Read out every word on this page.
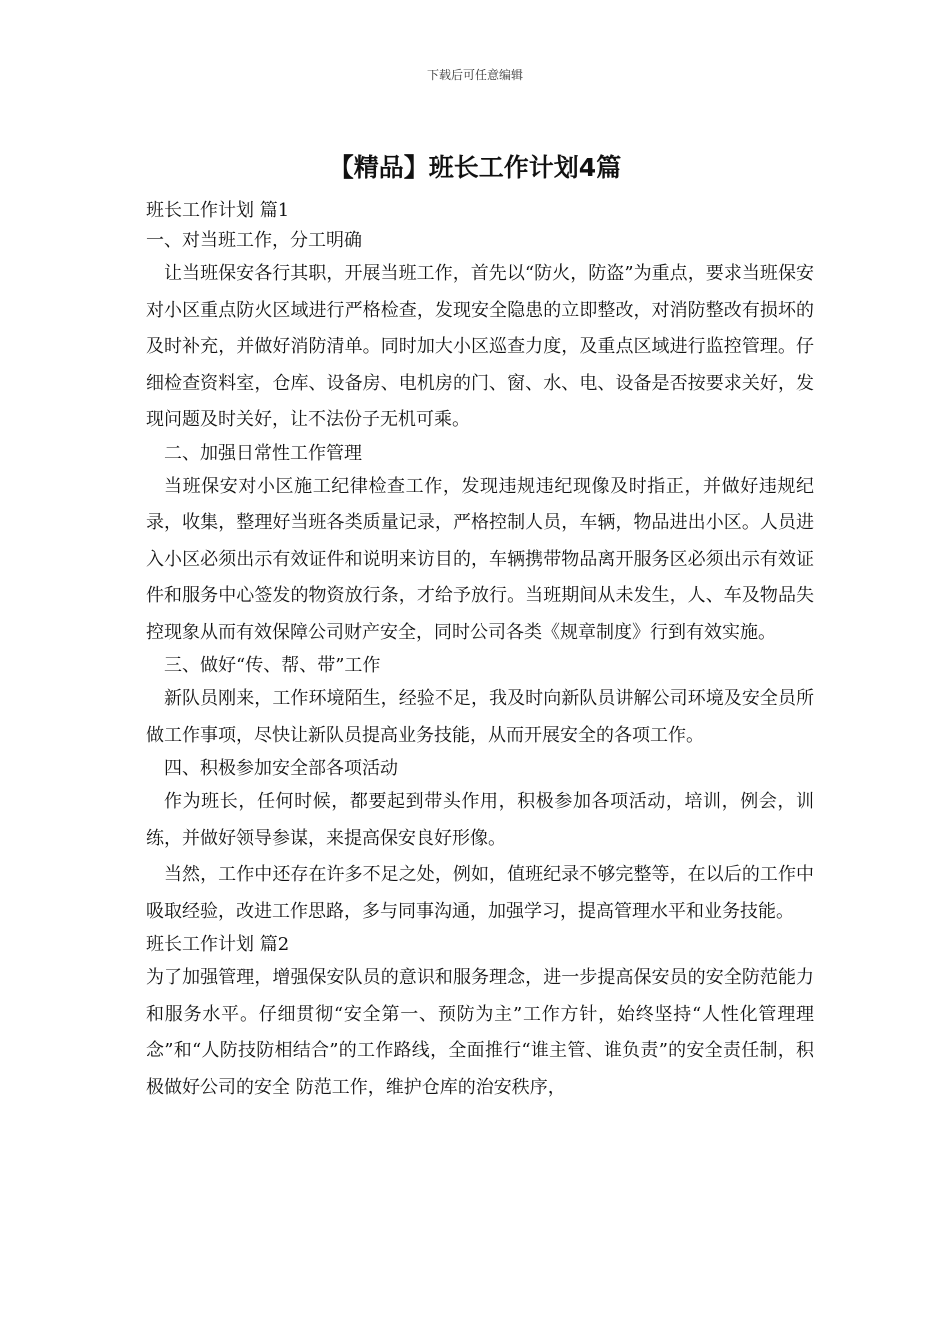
下载后可任意编辑
【精品】班长工作计划4篇
班长工作计划 篇1
一、对当班工作，分工明确

让当班保安各行其职，开展当班工作，首先以“防火，防盗”为重点，要求当班保安对小区重点防火区域进行严格检查，发现安全隐患的立即整改，对消防整改有损坏的及时补充，并做好消防清单。同时加大小区巡查力度，及重点区域进行监控管理。仔细检查资料室，仓库、设备房、电机房的门、窗、水、电、设备是否按要求关好，发现问题及时关好，让不法份子无机可乘。

二、加强日常性工作管理

当班保安对小区施工纪律检查工作，发现违规违纪现像及时指正，并做好违规纪录，收集，整理好当班各类质量记录，严格控制人员，车辆，物品进出小区。人员进入小区必须出示有效证件和说明来访目的，车辆携带物品离开服务区必须出示有效证件和服务中心签发的物资放行条，才给予放行。当班期间从未发生，人、车及物品失控现象从而有效保障公司财产安全，同时公司各类《规章制度》行到有效实施。

三、做好“传、帮、带”工作

新队员刚来，工作环境陌生，经验不足，我及时向新队员讲解公司环境及安全员所做工作事项，尽快让新队员提高业务技能，从而开展安全的各项工作。

四、积极参加安全部各项活动

作为班长，任何时候，都要起到带头作用，积极参加各项活动，培训，例会，训练，并做好领导参谋，来提高保安良好形像。

当然，工作中还存在许多不足之处，例如，值班纪录不够完整等，在以后的工作中吸取经验，改进工作思路，多与同事沟通，加强学习，提高管理水平和业务技能。

班长工作计划 篇2

为了加强管理，增强保安队员的意识和服务理念，进一步提高保安员的安全防范能力和服务水平。仔细贯彻“安全第一、预防为主”工作方针，始终坚持“人性化管理理念”和“人防技防相结合”的工作路线，全面推行“谁主管、谁负责”的安全责任制，积极做好公司的安全 防范工作，维护仓库的治安秩序，
